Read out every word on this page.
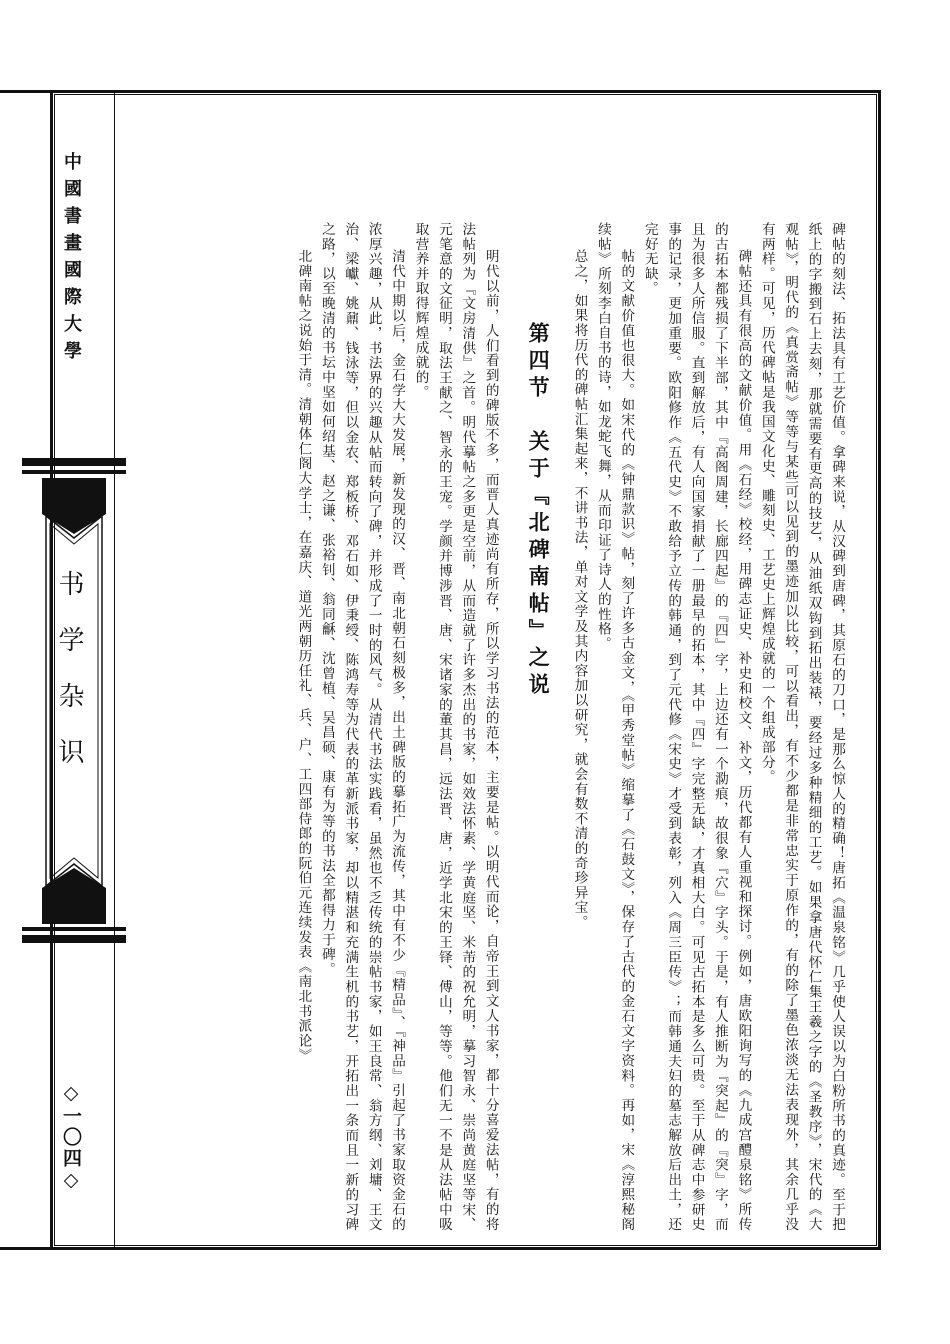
中國書畫國際大學
书学杂识
◇一〇四◇	碑帖的刻法、拓法具有工艺价值。拿碑来说，从汉碑到唐碑，其原石的刀口，是那么惊人的精确！唐拓《温泉铭》几乎使人误以为白粉所书的真迹。至于把纸上的字搬到石上去刻，那就需要有更高的技艺，从油纸双钩到拓出装裱，要经过多种精细的工艺。如果拿唐代怀仁集王羲之字的《圣教序》，宋代的《大观帖》，明代的《真赏斋帖》等等与某些可以见到的墨迹加以比较，可以看出，有不少都是非常忠实于原作的，有的除了墨色浓淡无法表现外，其余几乎没有两样。可见，历代碑帖是我国文化史、雕刻史、工艺史上辉煌成就的一个组成部分。

碑帖还具有很高的文献价值。用《石经》校经，用碑志证史、补史和校文、补文，历代都有人重视和探讨。例如，唐欧阳询写的《九成宫醴泉铭》所传的古拓本都残损了下半部，其中『高阁周建，长廊四起』的『四』字，上边还有一个泐痕，故很象『穴』字头。于是，有人推断为『突起』的『突』字，而且为很多人所信服。直到解放后，有人向国家捐献了一册最早的拓本，其中『四』字完整无缺，才真相大白。可见古拓本是多么可贵。至于从碑志中参研史事的记录，更加重要。欧阳修作《五代史》不敢给予立传的韩通，到了元代修《宋史》才受到表彰，列入《周三臣传》；而韩通夫妇的墓志解放后出土，还完好无缺。

帖的文献价值也很大。如宋代的《钟鼎款识》帖，刻了许多古金文，《甲秀堂帖》缩摹了《石鼓文》，保存了古代的金石文字资料。再如，宋《淳熙秘阁续帖》所刻李白自书的诗，如龙蛇飞舞，从而印证了诗人的性格。

总之，如果将历代的碑帖汇集起来，不讲书法，单对文学及其内容加以研究，就会有数不清的奇珍异宝。

第四节　关于『北碑南帖』之说

明代以前，人们看到的碑版不多，而晋人真迹尚有所存，所以学习书法的范本，主要是帖。以明代而论，自帝王到文人书家，都十分喜爱法帖，有的将法帖列为『文房清供』之首。明代摹帖之多更是空前，从而造就了许多杰出的书家，如效法怀素、学黄庭坚、米芾的祝允明，摹习智永、崇尚黄庭坚等宋、元笔意的文征明，取法王献之、智永的王宠。学颜并博涉晋、唐、宋诸家的董其昌，远法晋、唐，近学北宋的王铎、傅山，等等。他们无一不是从法帖中吸取营养并取得辉煌成就的。

清代中期以后，金石学大大发展，新发现的汉、晋、南北朝石刻极多，出土碑版的摹拓广为流传，其中有不少『精品』、『神品』引起了书家取资金石的浓厚兴趣，从此，书法界的兴趣从帖而转向了碑，并形成了一时的风气。从清代书法实践看，虽然也不乏传统的崇帖书家，如王良常、翁方纲、刘墉、王文治、梁巘、姚鼐、钱泳等，但以金农、郑板桥、邓石如、伊秉绶、陈鸿寿等为代表的革新派书家，却以精湛和充满生机的书艺，开拓出一条而且一新的习碑之路，以至晚清的书坛中坚如何绍基、赵之谦、张裕钊、翁同龢、沈曾植、吴昌硕、康有为等的书法全都得力于碑。

北碑南帖之说始于清。清朝体仁阁大学士，在嘉庆、道光两朝历任礼、兵、户、工四部侍郎的阮伯元连续发表《南北书派论》
